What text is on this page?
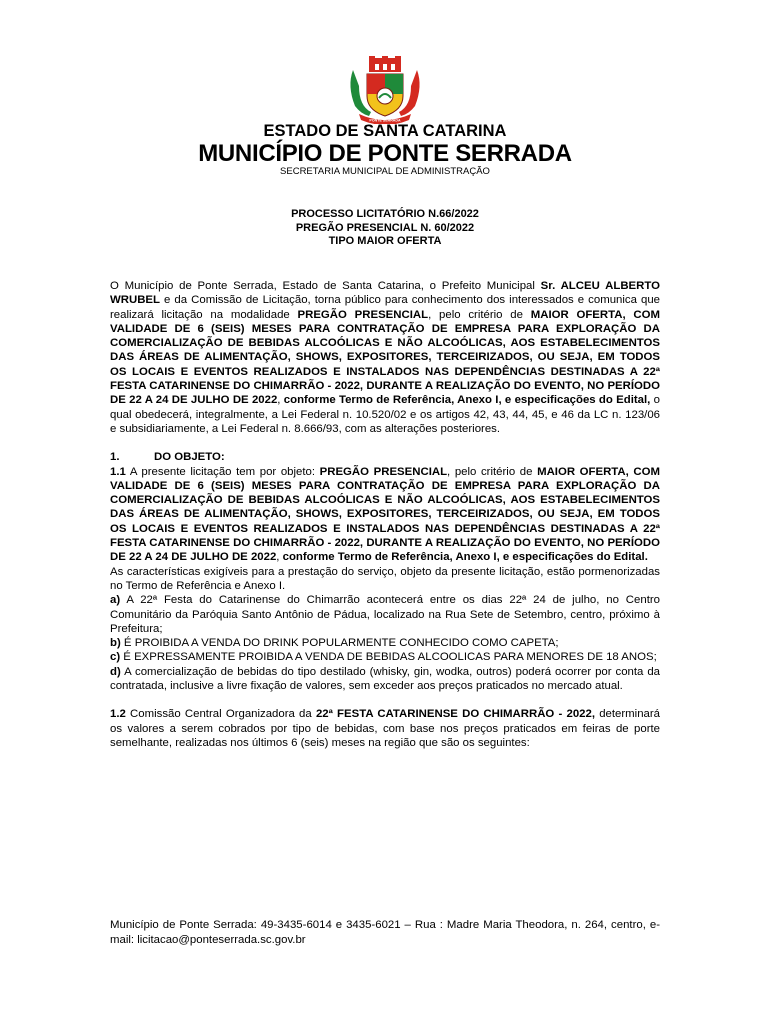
PONTE SERRADA
ESTADO DE SANTA CATARINA
MUNICÍPIO DE PONTE SERRADA
SECRETARIA MUNICIPAL DE ADMINISTRAÇÃO
PROCESSO LICITATÓRIO N.66/2022
PREGÃO PRESENCIAL N. 60/2022
TIPO MAIOR OFERTA

O Município de Ponte Serrada, Estado de Santa Catarina, o Prefeito Municipal Sr. ALCEU ALBERTO WRUBEL e da Comissão de Licitação, torna público para conhecimento dos interessados e comunica que realizará licitação na modalidade PREGÃO PRESENCIAL, pelo critério de MAIOR OFERTA, COM VALIDADE DE 6 (SEIS) MESES PARA CONTRATAÇÃO DE EMPRESA PARA EXPLORAÇÃO DA COMERCIALIZAÇÃO DE BEBIDAS ALCOÓLICAS E NÃO ALCOÓLICAS, AOS ESTABELECIMENTOS DAS ÁREAS DE ALIMENTAÇÃO, SHOWS, EXPOSITORES, TERCEIRIZADOS, OU SEJA, EM TODOS OS LOCAIS E EVENTOS REALIZADOS E INSTALADOS NAS DEPENDÊNCIAS DESTINADAS A 22ª FESTA CATARINENSE DO CHIMARRÃO - 2022, DURANTE A REALIZAÇÃO DO EVENTO, NO PERÍODO DE 22 A 24 DE JULHO DE 2022, conforme Termo de Referência, Anexo I, e especificações do Edital, o qual obedecerá, integralmente, a Lei Federal n. 10.520/02 e os artigos 42, 43, 44, 45, e 46 da LC n. 123/06 e subsidiariamente, a Lei Federal n. 8.666/93, com as alterações posteriores.

1.	DO OBJETO:

1.1 A presente licitação tem por objeto: PREGÃO PRESENCIAL, pelo critério de MAIOR OFERTA, COM VALIDADE DE 6 (SEIS) MESES PARA CONTRATAÇÃO DE EMPRESA PARA EXPLORAÇÃO DA COMERCIALIZAÇÃO DE BEBIDAS ALCOÓLICAS E NÃO ALCOÓLICAS, AOS ESTABELECIMENTOS DAS ÁREAS DE ALIMENTAÇÃO, SHOWS, EXPOSITORES, TERCEIRIZADOS, OU SEJA, EM TODOS OS LOCAIS E EVENTOS REALIZADOS E INSTALADOS NAS DEPENDÊNCIAS DESTINADAS A 22ª FESTA CATARINENSE DO CHIMARRÃO - 2022, DURANTE A REALIZAÇÃO DO EVENTO, NO PERÍODO DE 22 A 24 DE JULHO DE 2022, conforme Termo de Referência, Anexo I, e especificações do Edital.

As características exigíveis para a prestação do serviço, objeto da presente licitação, estão pormenorizadas no Termo de Referência e Anexo I.

a) A 22ª Festa do Catarinense do Chimarrão acontecerá entre os dias 22ª 24 de julho, no Centro Comunitário da Paróquia Santo Antônio de Pádua, localizado na Rua Sete de Setembro, centro, próximo à Prefeitura;

b) É PROIBIDA A VENDA DO DRINK POPULARMENTE CONHECIDO COMO CAPETA;

c) É EXPRESSAMENTE PROIBIDA A VENDA DE BEBIDAS ALCOOLICAS PARA MENORES DE 18 ANOS;

d) A comercialização de bebidas do tipo destilado (whisky, gin, wodka, outros) poderá ocorrer por conta da contratada, inclusive a livre fixação de valores, sem exceder aos preços praticados no mercado atual.

1.2 Comissão Central Organizadora da 22ª FESTA CATARINENSE DO CHIMARRÃO - 2022, determinará os valores a serem cobrados por tipo de bebidas, com base nos preços praticados em feiras de porte semelhante, realizadas nos últimos 6 (seis) meses na região que são os seguintes:

Município de Ponte Serrada: 49-3435-6014 e 3435-6021 – Rua : Madre Maria Theodora, n. 264, centro, e-mail: licitacao@ponteserrada.sc.gov.br
